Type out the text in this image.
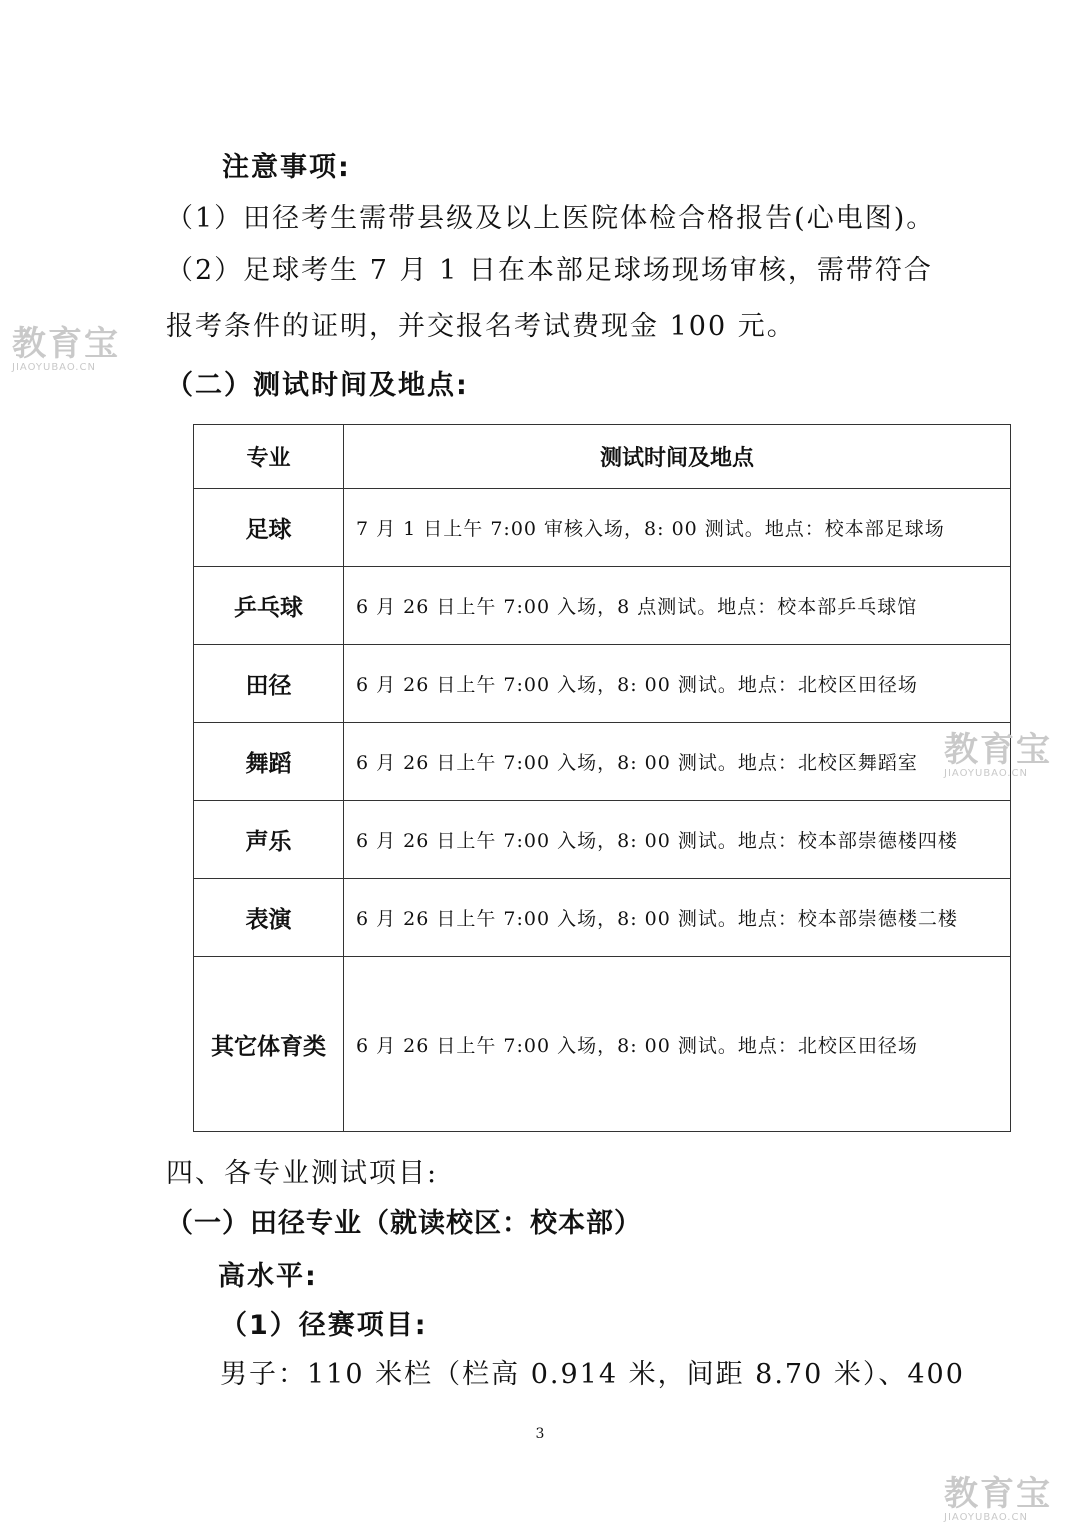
注意事项:
（1）田径考生需带县级及以上医院体检合格报告(心电图)。
（2）足球考生 7 月 1 日在本部足球场现场审核，需带符合
报考条件的证明，并交报名考试费现金 100 元。
（二）测试时间及地点:
专业	测试时间及地点
足球	7 月 1 日上午 7:00 审核入场，8: 00 测试。地点：校本部足球场
乒乓球	6 月 26 日上午 7:00 入场，8 点测试。地点：校本部乒乓球馆
田径	6 月 26 日上午 7:00 入场，8: 00 测试。地点：北校区田径场
舞蹈	6 月 26 日上午 7:00 入场，8: 00 测试。地点：北校区舞蹈室
声乐	6 月 26 日上午 7:00 入场，8: 00 测试。地点：校本部崇德楼四楼
表演	6 月 26 日上午 7:00 入场，8: 00 测试。地点：校本部崇德楼二楼
其它体育类	6 月 26 日上午 7:00 入场，8: 00 测试。地点：北校区田径场
四、各专业测试项目:
（一）田径专业（就读校区：校本部）
高水平:
（1）径赛项目:
男子：110 米栏（栏高 0.914 米，间距 8.70 米）、400
3
教育宝
JIAOYUBAO.CN
教育宝
JIAOYUBAO.CN
教育宝
JIAOYUBAO.CN
